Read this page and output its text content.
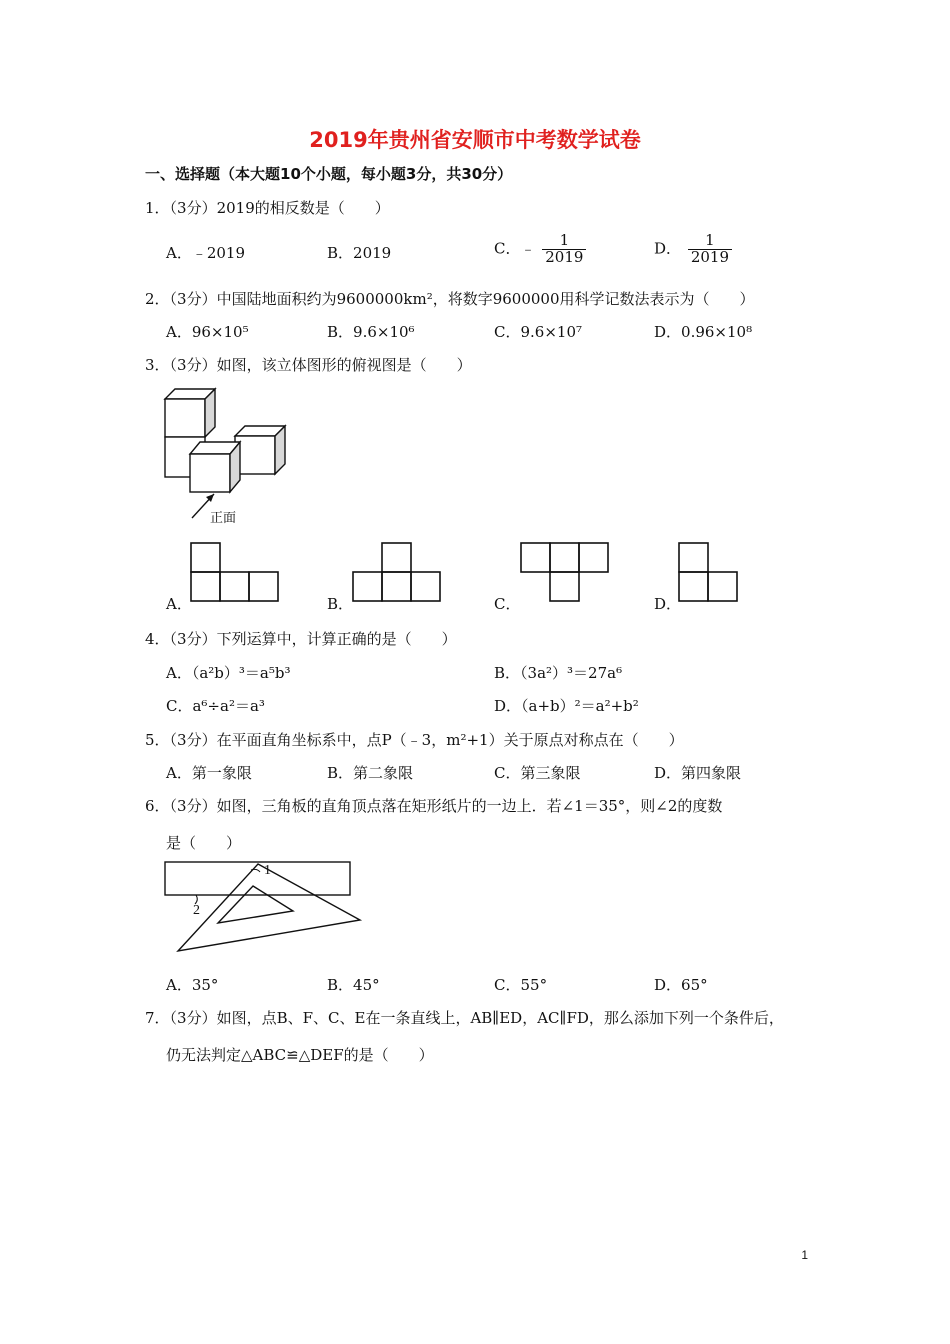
2019年贵州省安顺市中考数学试卷
一、选择题（本大题10个小题，每小题3分，共30分）
1．（3分）2019的相反数是（　　）
A．﹣2019	B．2019	C．﹣ $\frac{1}{2019}$	D． $\frac{1}{2019}$
2．（3分）中国陆地面积约为9600000km²，将数字9600000用科学记数法表示为（　　）
A．96×10⁵	B．9.6×10⁶	C．9.6×10⁷	D．0.96×10⁸
3．（3分）如图，该立体图形的俯视图是（　　）
正面
A．	B．	C．	D．
4．（3分）下列运算中，计算正确的是（　　）
A．（a²b）³＝a⁵b³	B．（3a²）³＝27a⁶
C．a⁶÷a²＝a³	D．（a+b）²＝a²+b²
5．（3分）在平面直角坐标系中，点P（﹣3，m²+1）关于原点对称点在（　　）
A．第一象限	B．第二象限	C．第三象限	D．第四象限
6．（3分）如图，三角板的直角顶点落在矩形纸片的一边上．若∠1＝35°，则∠2的度数
是（　　）
1
2
A．35°	B．45°	C．55°	D．65°
7．（3分）如图，点B、F、C、E在一条直线上，AB∥ED，AC∥FD，那么添加下列一个条件后，
仍无法判定△ABC≌△DEF的是（　　）
1
